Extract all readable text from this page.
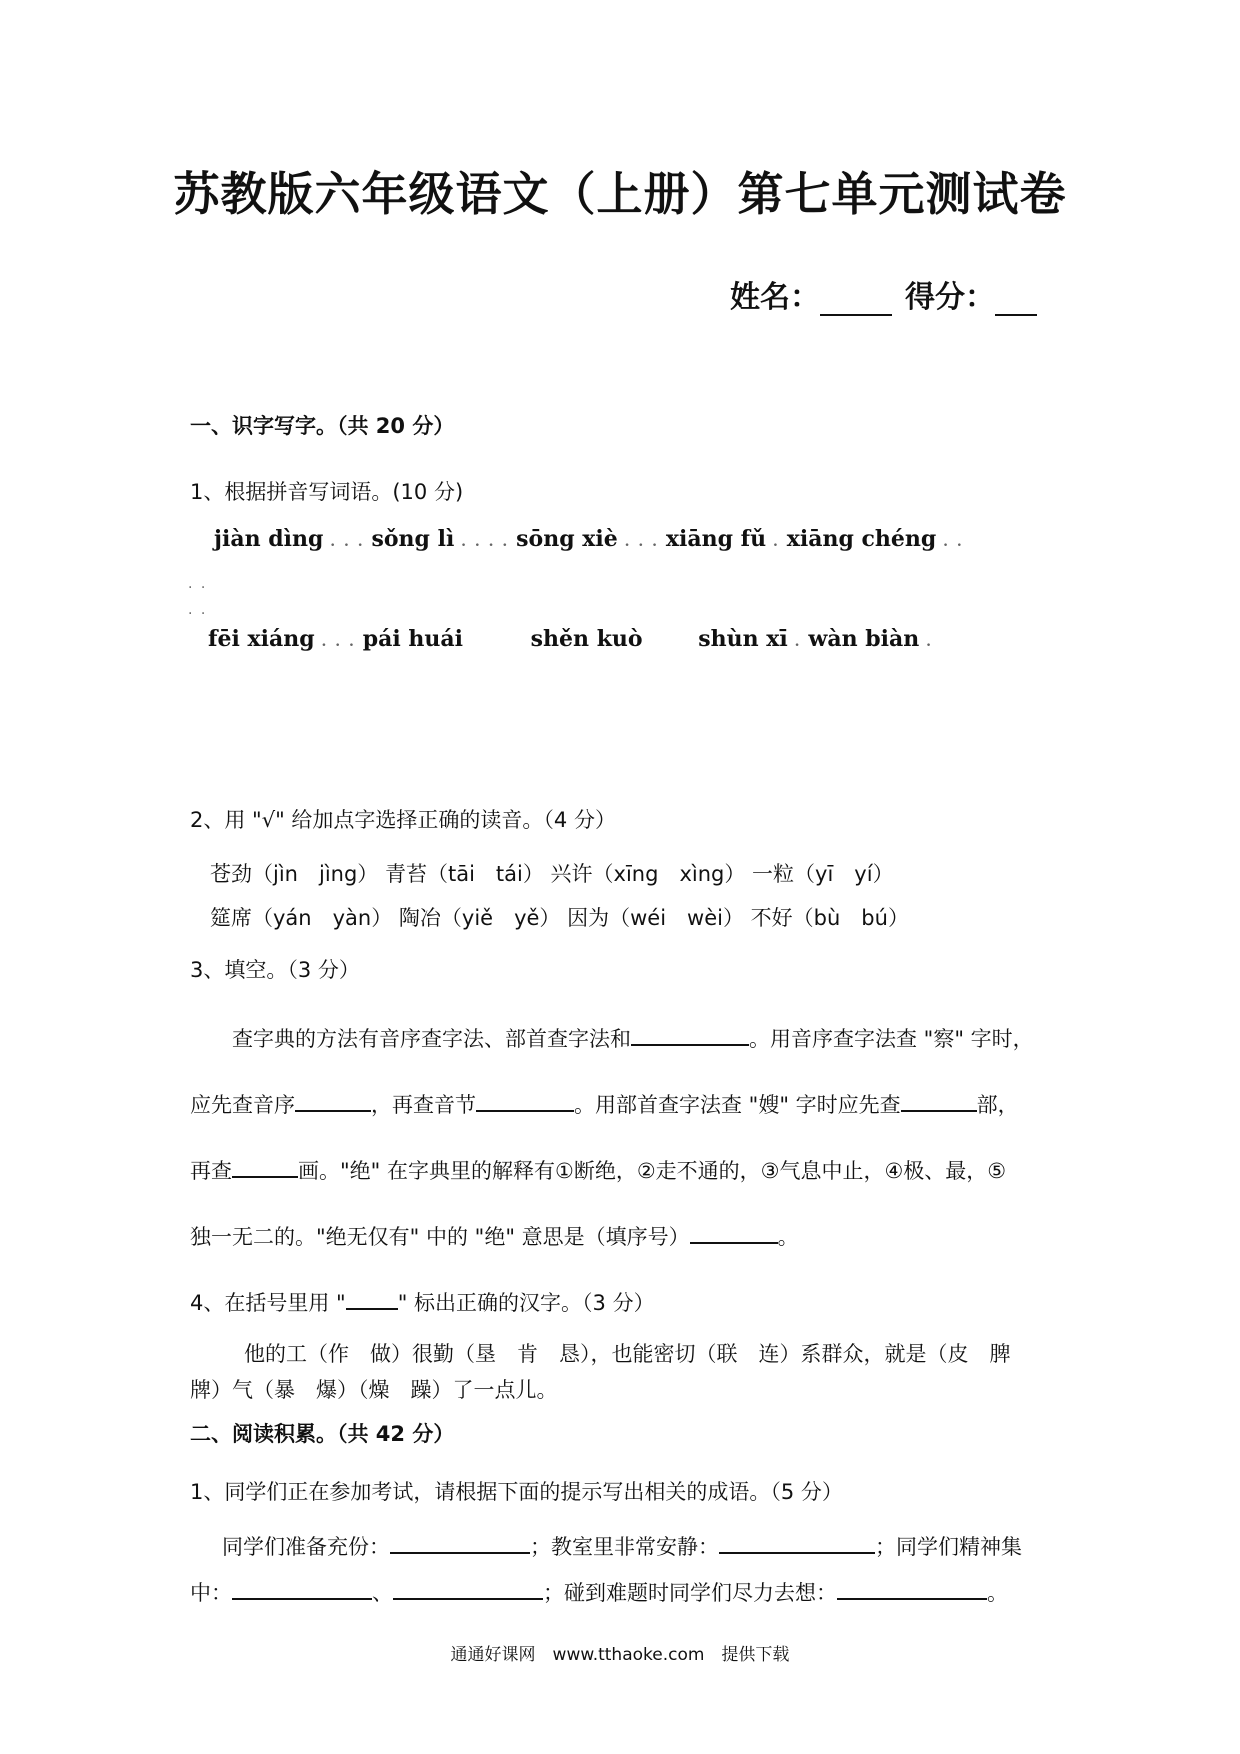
苏教版六年级语文（上册）第七单元测试卷
姓名：	得分：
一、识字写字。（共 20 分）
1、根据拼音写词语。(10 分)
jiàn dìng . . . sǒng lì . . . . sōng xiè . . . xiāng fǔ . xiāng chéng . .
. .
. .
fēi xiáng . . . pái huái	shěn kuò	shùn xī . wàn biàn .
2、用 "√" 给加点字选择正确的读音。（4 分）
苍劲（jìn　jìng） 青苔（tāi　tái） 兴许（xīng　xìng） 一粒（yī　yí）
筵席（yán　yàn） 陶冶（yiě　yě） 因为（wéi　wèi） 不好（bù　bú）
3、填空。（3 分）
查字典的方法有音序查字法、部首查字法和	。用音序查字法查 "察" 字时，
应先查音序	，再查音节	。用部首查字法查 "嫂" 字时应先查	部，
再查	画。"绝" 在字典里的解释有①断绝，②走不通的，③气息中止，④极、最，⑤
独一无二的。"绝无仅有" 中的 "绝" 意思是（填序号）	。
4、在括号里用 " " 标出正确的汉字。（3 分）
他的工（作　做）很勤（垦　肯　恳），也能密切（联　连）系群众，就是（皮　脾
牌）气（暴　爆）（燥　躁）了一点儿。
二、阅读积累。（共 42 分）
1、同学们正在参加考试，请根据下面的提示写出相关的成语。（5 分）
同学们准备充份：	；教室里非常安静：	；同学们精神集
中：	、	；碰到难题时同学们尽力去想：	。
通通好课网　www.tthaoke.com　提供下载
